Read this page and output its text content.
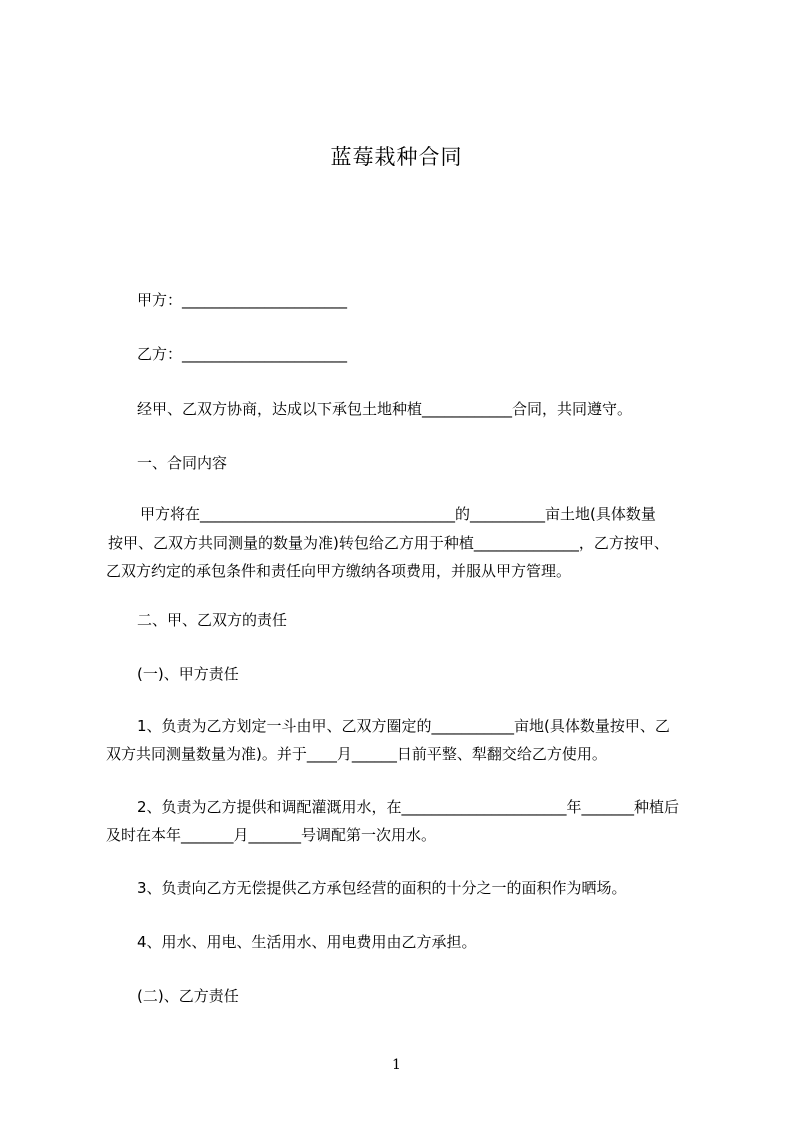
蓝莓栽种合同
甲方：______________________
乙方：______________________
经甲、乙双方协商，达成以下承包土地种植____________合同，共同遵守。
一、合同内容
甲方将在__________________________________的__________亩土地(具体数量
按甲、乙双方共同测量的数量为准)转包给乙方用于种植______________，乙方按甲、
乙双方约定的承包条件和责任向甲方缴纳各项费用，并服从甲方管理。
二、甲、乙双方的责任
(一)、甲方责任
1、负责为乙方划定一斗由甲、乙双方圈定的___________亩地(具体数量按甲、乙
双方共同测量数量为准)。并于____月______日前平整、犁翻交给乙方使用。
2、负责为乙方提供和调配灌溉用水，在______________________年_______种植后
及时在本年_______月_______号调配第一次用水。
3、负责向乙方无偿提供乙方承包经营的面积的十分之一的面积作为晒场。
4、用水、用电、生活用水、用电费用由乙方承担。
(二)、乙方责任
1
